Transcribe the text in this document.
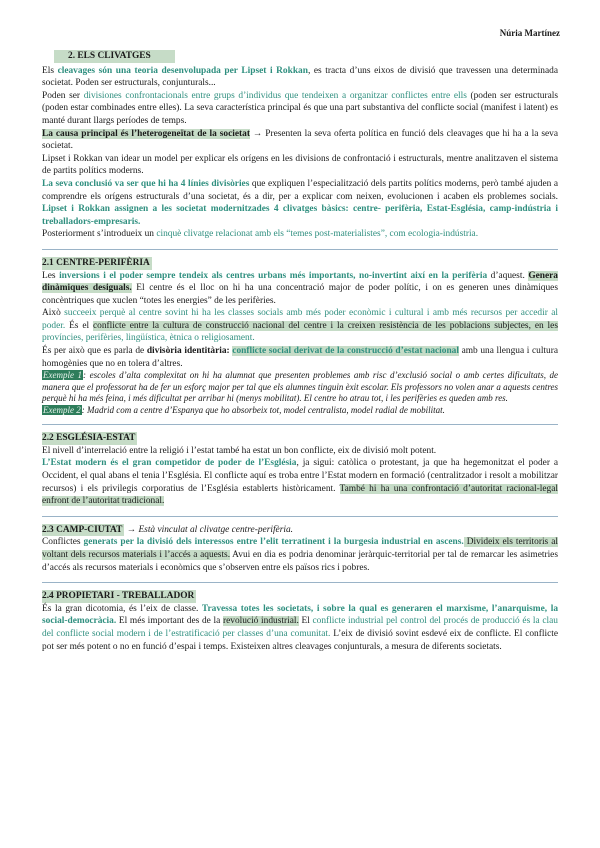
Núria Martínez
2. ELS CLIVATGES

Els cleavages són una teoria desenvolupada per Lipset i Rokkan, es tracta d’uns eixos de divisió que travessen una determinada societat. Poden ser estructurals, conjunturals...

Poden ser divisiones confrontacionals entre grups d’individus que tendeixen a organitzar conflictes entre ells (poden ser estructurals (poden estar combinades entre elles). La seva característica principal és que una part substantiva del conflicte social (manifest i latent) es manté durant llargs períodes de temps.

La causa principal és l’heterogeneïtat de la societat → Presenten la seva oferta política en funció dels cleavages que hi ha a la seva societat.

Lipset i Rokkan van idear un model per explicar els orígens en les divisions de confrontació i estructurals, mentre analitzaven el sistema de partits polítics moderns.

La seva conclusió va ser que hi ha 4 línies divisòries que expliquen l’especialització dels partits polítics moderns, però també ajuden a comprendre els orígens estructurals d’una societat, és a dir, per a explicar com neixen, evolucionen i acaben els problemes socials. Lipset i Rokkan assignen a les societat modernitzades 4 clivatges bàsics: centre- perifèria, Estat-Església, camp-indústria i treballadors-empresaris.

Posteriorment s’introdueix un cinquè clivatge relacionat amb els “temes post-materialistes”, com ecologia-indústria.

2.1 CENTRE-PERIFÈRIA

Les inversions i el poder sempre tendeix als centres urbans més importants, no-invertint així en la perifèria d’aquest. Genera dinàmiques desiguals. El centre és el lloc on hi ha una concentració major de poder polític, i on es generen unes dinàmiques concèntriques que xuclen “totes les energies” de les perifèries.

Això succeeix perquè al centre sovint hi ha les classes socials amb més poder econòmic i cultural i amb més recursos per accedir al poder. És el conflicte entre la cultura de construcció nacional del centre i la creixen resistència de les poblacions subjectes, en les províncies, perifèries, lingüística, ètnica o religiosament.

És per això que es parla de divisòria identitària: conflicte social derivat de la construcció d’estat nacional amb una llengua i cultura homogènies que no en tolera d’altres.

Exemple 1: escoles d’alta complexitat on hi ha alumnat que presenten problemes amb risc d’exclusió social o amb certes dificultats, de manera que el professorat ha de fer un esforç major per tal que els alumnes tinguin èxit escolar. Els professors no volen anar a aquests centres perquè hi ha més feina, i més dificultat per arribar hi (menys mobilitat). El centre ho atrau tot, i les perifèries es queden amb res.

Exemple 2: Madrid com a centre d’Espanya que ho absorbeix tot, model centralista, model radial de mobilitat.

2.2 ESGLÉSIA-ESTAT

El nivell d’interrelació entre la religió i l’estat també ha estat un bon conflicte, eix de divisió molt potent.

L’Estat modern és el gran competidor de poder de l’Església, ja sigui: catòlica o protestant, ja que ha hegemonitzat el poder a Occident, el qual abans el tenia l’Església. El conflicte aquí es troba entre l’Estat modern en formació (centralitzador i resolt a mobilitzar recursos) i els privilegis corporatius de l’Església establerts històricament. També hi ha una confrontació d’autoritat racional-legal enfront de l’autoritat tradicional.

2.3 CAMP-CIUTAT → Està vinculat al clivatge centre-perifèria.

Conflictes generats per la divisió dels interessos entre l’elit terratinent i la burgesia industrial en ascens. Divideix els territoris al voltant dels recursos materials i l’accés a aquests. Avui en dia es podria denominar jeràrquic-territorial per tal de remarcar les asimetries d’accés als recursos materials i econòmics que s’observen entre els països rics i pobres.

2.4 PROPIETARI - TREBALLADOR

És la gran dicotomia, és l’eix de classe. Travessa totes les societats, i sobre la qual es generaren el marxisme, l’anarquisme, la social-democràcia. El més important des de la revolució industrial. El conflicte industrial pel control del procés de producció és la clau del conflicte social modern i de l’estratificació per classes d’una comunitat. L’eix de divisió sovint esdevé eix de conflicte. El conflicte pot ser més potent o no en funció d’espai i temps. Existeixen altres cleavages conjunturals, a mesura de diferents societats.
